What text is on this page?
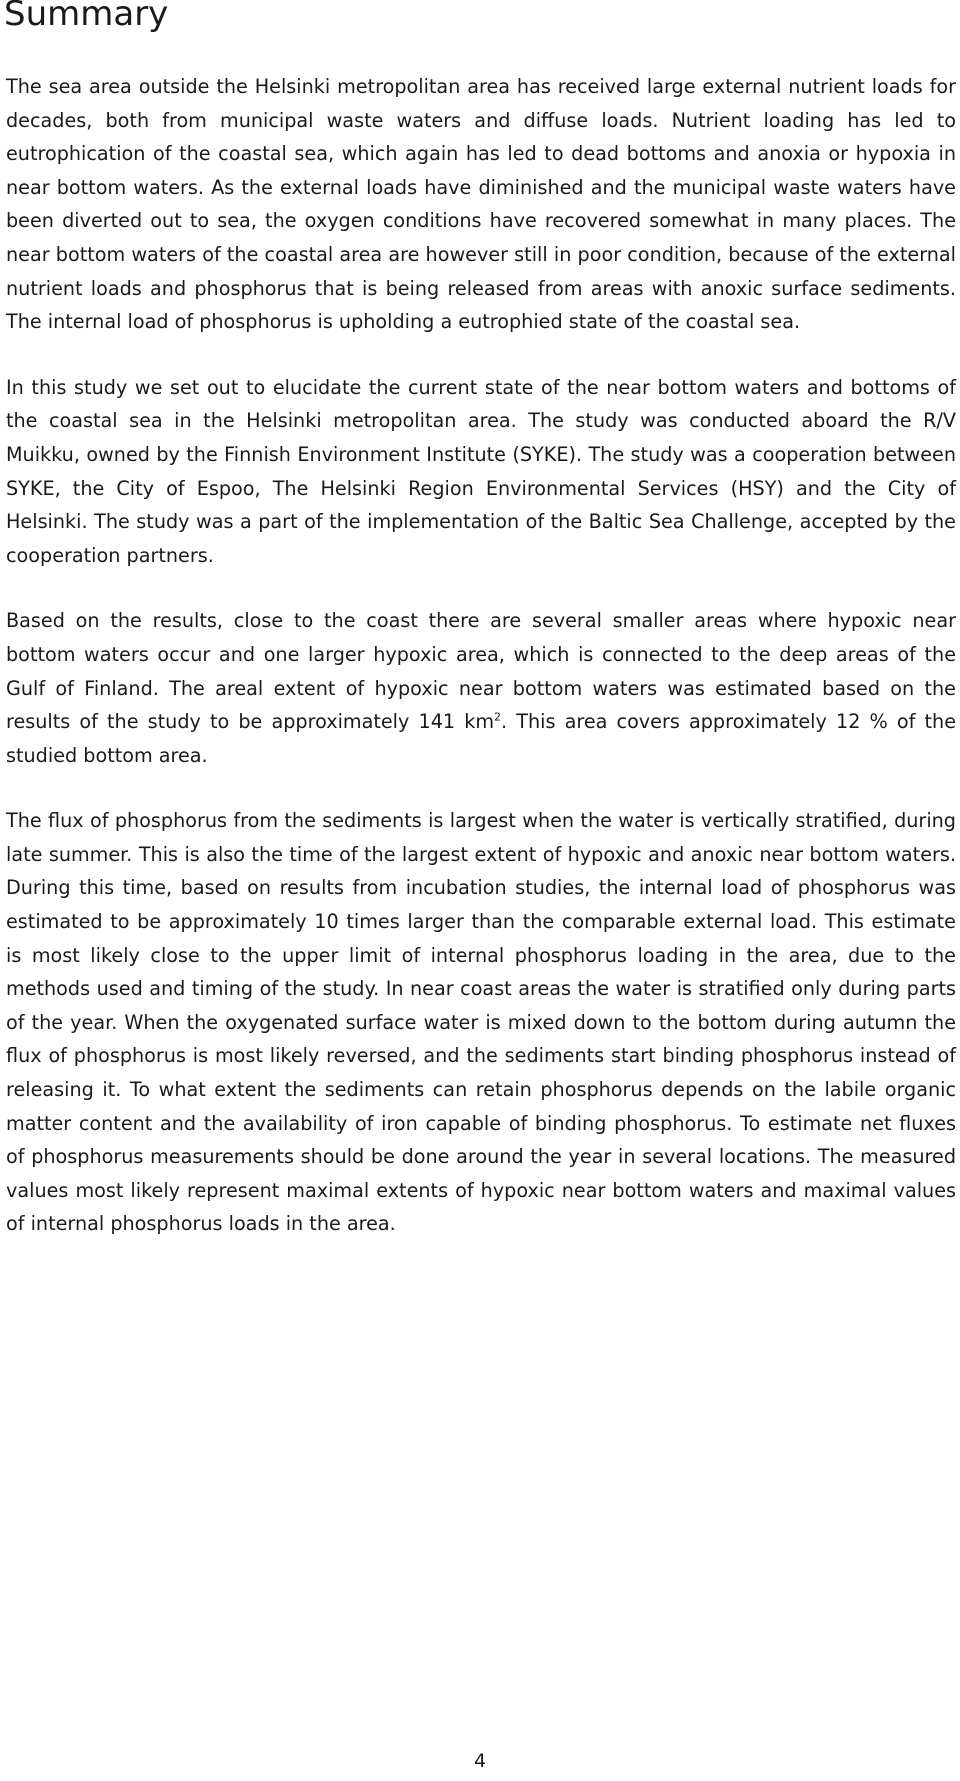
Summary

The sea area outside the Helsinki metropolitan area has received large external nutrient loads for decades, both from municipal waste waters and diffuse loads. Nutrient loading has led to eutrophication of the coastal sea, which again has led to dead bottoms and anoxia or hypoxia in near bottom waters. As the external loads have diminished and the municipal waste waters have been diverted out to sea, the oxygen conditions have recovered somewhat in many places. The near bottom waters of the coastal area are however still in poor condition, because of the external nutrient loads and phosphorus that is being released from areas with anoxic surface sediments. The internal load of phosphorus is upholding a eutrophied state of the coastal sea.

In this study we set out to elucidate the current state of the near bottom waters and bottoms of the coastal sea in the Helsinki metropolitan area. The study was conducted aboard the R/V Muikku, owned by the Finnish Environment Institute (SYKE). The study was a cooperation between SYKE, the City of Espoo, The Helsinki Region Environmental Services (HSY) and the City of Helsinki. The study was a part of the implementation of the Baltic Sea Challenge, accepted by the cooperation partners.

Based on the results, close to the coast there are several smaller areas where hypoxic near bottom waters occur and one larger hypoxic area, which is connected to the deep areas of the Gulf of Finland. The areal extent of hypoxic near bottom waters was estimated based on the results of the study to be approximately 141 $km^2$. This area covers approximately 12 % of the studied bottom area.

The flux of phosphorus from the sediments is largest when the water is vertically stratified, during late summer. This is also the time of the largest extent of hypoxic and anoxic near bottom waters. During this time, based on results from incubation studies, the internal load of phosphorus was estimated to be approximately 10 times larger than the comparable external load. This estimate is most likely close to the upper limit of internal phosphorus loading in the area, due to the methods used and timing of the study. In near coast areas the water is stratified only during parts of the year. When the oxygenated surface water is mixed down to the bottom during autumn the flux of phosphorus is most likely reversed, and the sediments start binding phosphorus instead of releasing it. To what extent the sediments can retain phosphorus depends on the labile organic matter content and the availability of iron capable of binding phosphorus. To estimate net fluxes of phosphorus measurements should be done around the year in several locations. The measured values most likely represent maximal extents of hypoxic near bottom waters and maximal values of internal phosphorus loads in the area.

4
